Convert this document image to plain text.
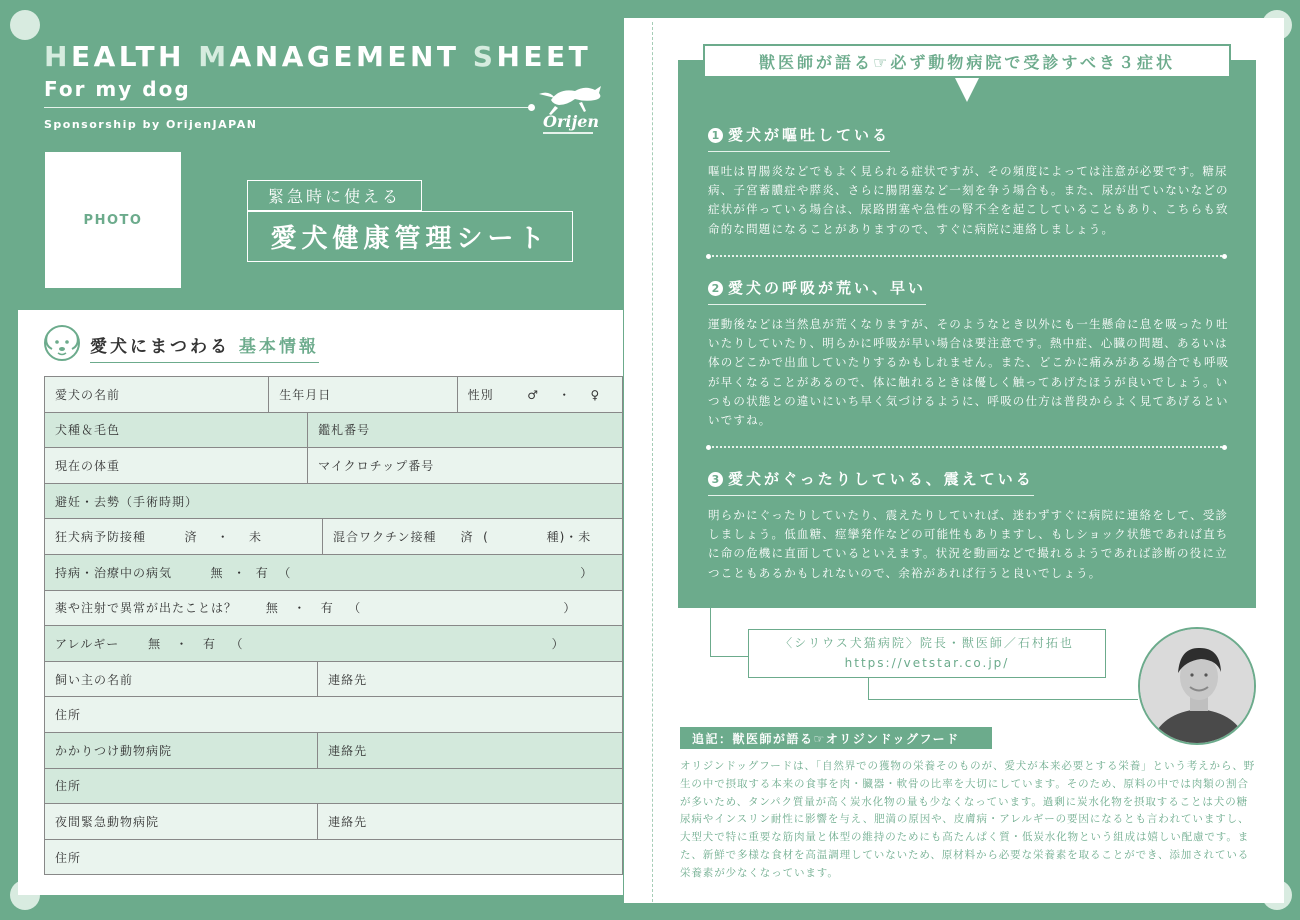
HEALTH MANAGEMENT SHEET
For my dog
Sponsorship by OrijenJAPAN	Orijen
PHOTO
緊急時に使える
愛犬健康管理シート
愛犬にまつわる 基本情報
愛犬の名前	生年月日	性別       ♂    ・    ♀
犬種＆毛色	鑑札番号
現在の体重	マイクロチップ番号
避妊・去勢（手術時期）
狂犬病予防接種        済    ・    未	混合ワクチン接種     済  (            種)・未
持病・治療中の病気        無  ・  有  （                                                            ）
薬や注射で異常が出たことは？      無   ・   有   （                                          ）
アレルギー      無   ・   有   （                                                                ）
飼い主の名前	連絡先
住所
かかりつけ動物病院	連絡先
住所
夜間緊急動物病院	連絡先
住所
獣医師が語る☞必ず動物病院で受診すべき３症状
1 愛犬が嘔吐している
嘔吐は胃腸炎などでもよく見られる症状ですが、その頻度によっては注意が必要です。糖尿病、子宮蓄膿症や膵炎、さらに腸閉塞など一刻を争う場合も。また、尿が出ていないなどの症状が伴っている場合は、尿路閉塞や急性の腎不全を起こしていることもあり、こちらも致命的な問題になることがありますので、すぐに病院に連絡しましょう。
2 愛犬の呼吸が荒い、早い
運動後などは当然息が荒くなりますが、そのようなとき以外にも一生懸命に息を吸ったり吐いたりしていたり、明らかに呼吸が早い場合は要注意です。熱中症、心臓の問題、あるいは体のどこかで出血していたりするかもしれません。また、どこかに痛みがある場合でも呼吸が早くなることがあるので、体に触れるときは優しく触ってあげたほうが良いでしょう。いつもの状態との違いにいち早く気づけるように、呼吸の仕方は普段からよく見てあげるといいですね。
3 愛犬がぐったりしている、震えている
明らかにぐったりしていたり、震えたりしていれば、迷わずすぐに病院に連絡をして、受診しましょう。低血糖、痙攣発作などの可能性もありますし、もしショック状態であれば直ちに命の危機に直面しているといえます。状況を動画などで撮れるようであれば診断の役に立つこともあるかもしれないので、余裕があれば行うと良いでしょう。
〈シリウス犬猫病院〉院長・獣医師／石村拓也
https://vetstar.co.jp/
追記：獣医師が語る☞オリジンドッグフード
オリジンドッグフードは、「自然界での獲物の栄養そのものが、愛犬が本来必要とする栄養」という考えから、野生の中で摂取する本来の食事を肉・臓器・軟骨の比率を大切にしています。そのため、原料の中では肉類の割合が多いため、タンパク質量が高く炭水化物の量も少なくなっています。過剰に炭水化物を摂取することは犬の糖尿病やインスリン耐性に影響を与え、肥満の原因や、皮膚病・アレルギーの要因になるとも言われていますし、大型犬で特に重要な筋肉量と体型の維持のためにも高たんぱく質・低炭水化物という組成は嬉しい配慮です。また、新鮮で多様な食材を高温調理していないため、原材料から必要な栄養素を取ることができ、添加されている栄養素が少なくなっています。
